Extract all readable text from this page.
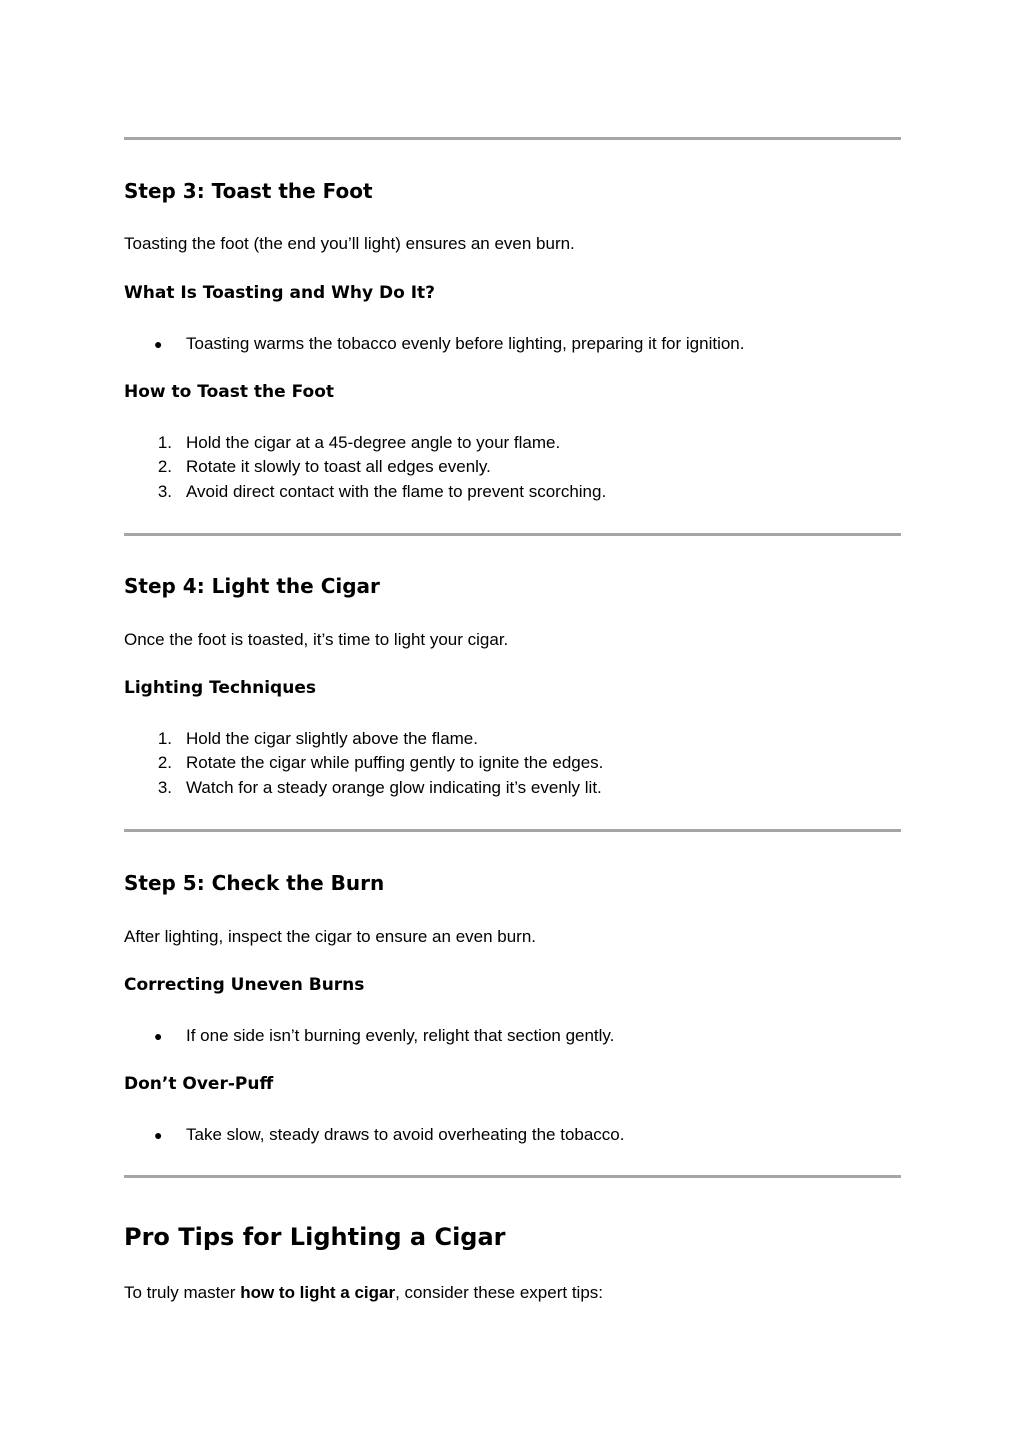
Step 3: Toast the Foot
Toasting the foot (the end you’ll light) ensures an even burn.
What Is Toasting and Why Do It?
● Toasting warms the tobacco evenly before lighting, preparing it for ignition.
How to Toast the Foot
1. Hold the cigar at a 45-degree angle to your flame.
2. Rotate it slowly to toast all edges evenly.
3. Avoid direct contact with the flame to prevent scorching.
Step 4: Light the Cigar
Once the foot is toasted, it’s time to light your cigar.
Lighting Techniques
1. Hold the cigar slightly above the flame.
2. Rotate the cigar while puffing gently to ignite the edges.
3. Watch for a steady orange glow indicating it’s evenly lit.
Step 5: Check the Burn
After lighting, inspect the cigar to ensure an even burn.
Correcting Uneven Burns
● If one side isn’t burning evenly, relight that section gently.
Don’t Over-Puff
● Take slow, steady draws to avoid overheating the tobacco.
Pro Tips for Lighting a Cigar
To truly master how to light a cigar, consider these expert tips:
